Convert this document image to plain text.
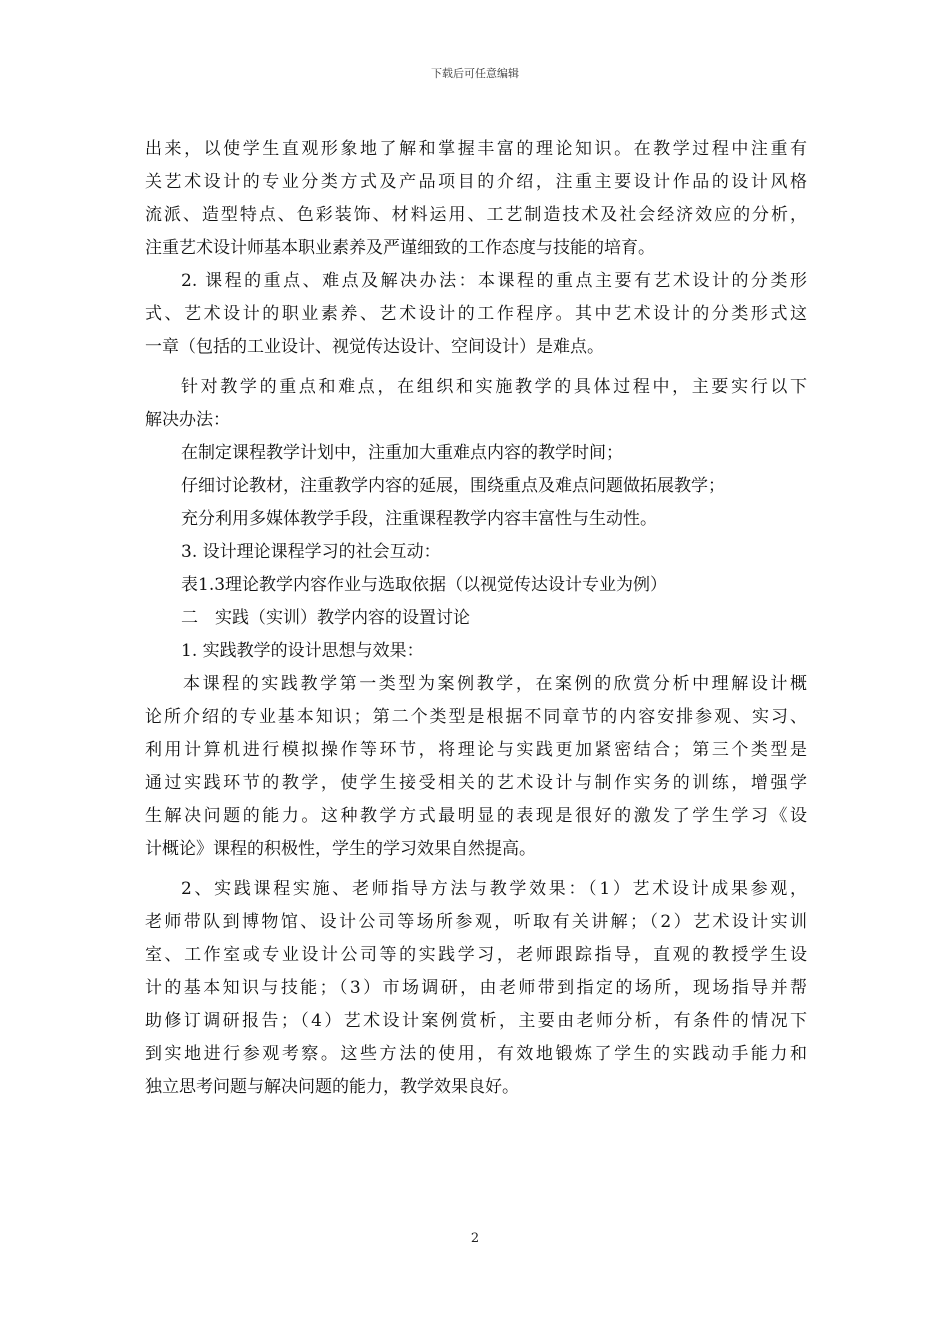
下载后可任意编辑
出来，以使学生直观形象地了解和掌握丰富的理论知识。在教学过程中注重有
关艺术设计的专业分类方式及产品项目的介绍，注重主要设计作品的设计风格
流派、造型特点、色彩装饰、材料运用、工艺制造技术及社会经济效应的分析，
注重艺术设计师基本职业素养及严谨细致的工作态度与技能的培育。
2. 课程的重点、难点及解决办法：本课程的重点主要有艺术设计的分类形
式、艺术设计的职业素养、艺术设计的工作程序。其中艺术设计的分类形式这
一章（包括的工业设计、视觉传达设计、空间设计）是难点。
针对教学的重点和难点，在组织和实施教学的具体过程中，主要实行以下
解决办法：
在制定课程教学计划中，注重加大重难点内容的教学时间；
仔细讨论教材，注重教学内容的延展，围绕重点及难点问题做拓展教学；
充分利用多媒体教学手段，注重课程教学内容丰富性与生动性。
3. 设计理论课程学习的社会互动：
表1.3理论教学内容作业与选取依据（以视觉传达设计专业为例）
二　实践（实训）教学内容的设置讨论
1. 实践教学的设计思想与效果：
本课程的实践教学第一类型为案例教学，在案例的欣赏分析中理解设计概
论所介绍的专业基本知识；第二个类型是根据不同章节的内容安排参观、实习、
利用计算机进行模拟操作等环节，将理论与实践更加紧密结合；第三个类型是
通过实践环节的教学，使学生接受相关的艺术设计与制作实务的训练，增强学
生解决问题的能力。这种教学方式最明显的表现是很好的激发了学生学习《设
计概论》课程的积极性，学生的学习效果自然提高。
2、实践课程实施、老师指导方法与教学效果：（1）艺术设计成果参观，
老师带队到博物馆、设计公司等场所参观，听取有关讲解；（2）艺术设计实训
室、工作室或专业设计公司等的实践学习，老师跟踪指导，直观的教授学生设
计的基本知识与技能；（3）市场调研，由老师带到指定的场所，现场指导并帮
助修订调研报告；（4）艺术设计案例赏析，主要由老师分析，有条件的情况下
到实地进行参观考察。这些方法的使用，有效地锻炼了学生的实践动手能力和
独立思考问题与解决问题的能力，教学效果良好。
2
